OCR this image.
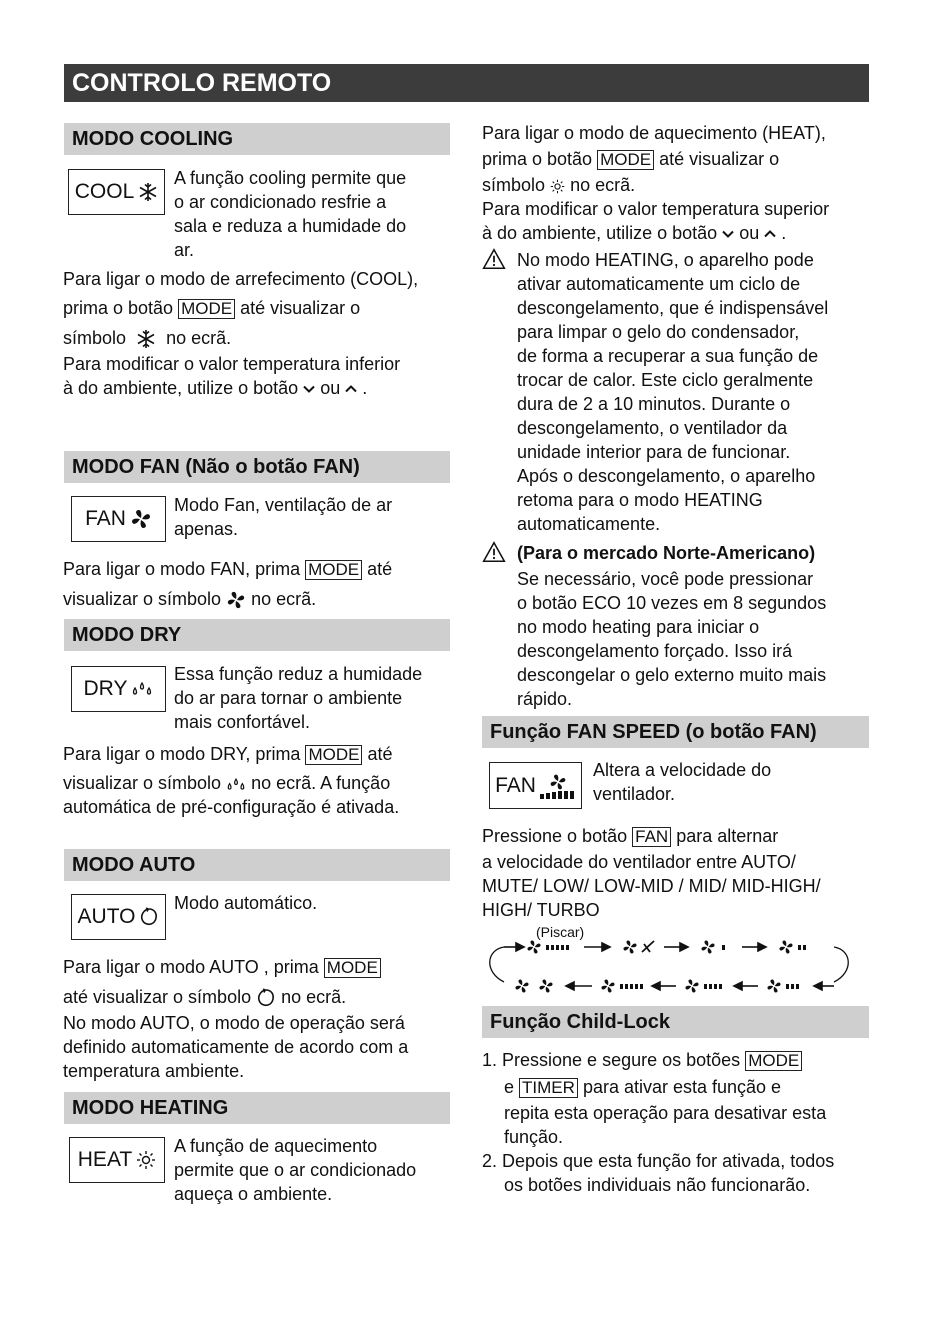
CONTROLO REMOTO
MODO COOLING
COOL
A função cooling permite que
o ar condicionado resfrie a
sala e reduza a humidade do
ar.
Para ligar o modo de arrefecimento (COOL),
prima o botão MODE até visualizar o
símbolo no ecrã.
Para modificar o valor temperatura inferior
à do ambiente, utilize o botão ou .
MODO FAN (Não o botão FAN)
FAN
Modo Fan, ventilação de ar
apenas.
Para ligar o modo FAN, prima MODE até
visualizar o símbolo no ecrã.
MODO DRY
DRY
Essa função reduz a humidade
do ar para tornar o ambiente
mais confortável.
Para ligar o modo DRY, prima MODE até
visualizar o símbolo no ecrã. A função
automática de pré-configuração é ativada.
MODO AUTO
AUTO
Modo automático.
Para ligar o modo AUTO , prima MODE
até visualizar o símbolo no ecrã.
No modo AUTO, o modo de operação será
definido automaticamente de acordo com a
temperatura ambiente.
MODO HEATING
HEAT
A função de aquecimento
permite que o ar condicionado
aqueça o ambiente.
Para ligar o modo de aquecimento (HEAT),
prima o botão MODE até visualizar o
símbolo no ecrã.
Para modificar o valor temperatura superior
à do ambiente, utilize o botão ou .
No modo HEATING, o aparelho pode
ativar automaticamente um ciclo de
descongelamento, que é indispensável
para limpar o gelo do condensador,
de forma a recuperar a sua função de
trocar de calor. Este ciclo geralmente
dura de 2 a 10 minutos. Durante o
descongelamento, o ventilador da
unidade interior para de funcionar.
Após o descongelamento, o aparelho
retoma para o modo HEATING
automaticamente.
(Para o mercado Norte-Americano)
Se necessário, você pode pressionar
o botão ECO 10 vezes em 8 segundos
no modo heating para iniciar o
descongelamento forçado. Isso irá
descongelar o gelo externo muito mais
rápido.
Função FAN SPEED (o botão FAN)
FAN
Altera a velocidade do
ventilador.
Pressione o botão FAN para alternar
a velocidade do ventilador entre AUTO/
MUTE/ LOW/ LOW-MID / MID/ MID-HIGH/
HIGH/ TURBO
(Piscar)
Função Child-Lock
1. Pressione e segure os botões MODE
e TIMER para ativar esta função e
repita esta operação para desativar esta
função.
2. Depois que esta função for ativada, todos
os botões individuais não funcionarão.
